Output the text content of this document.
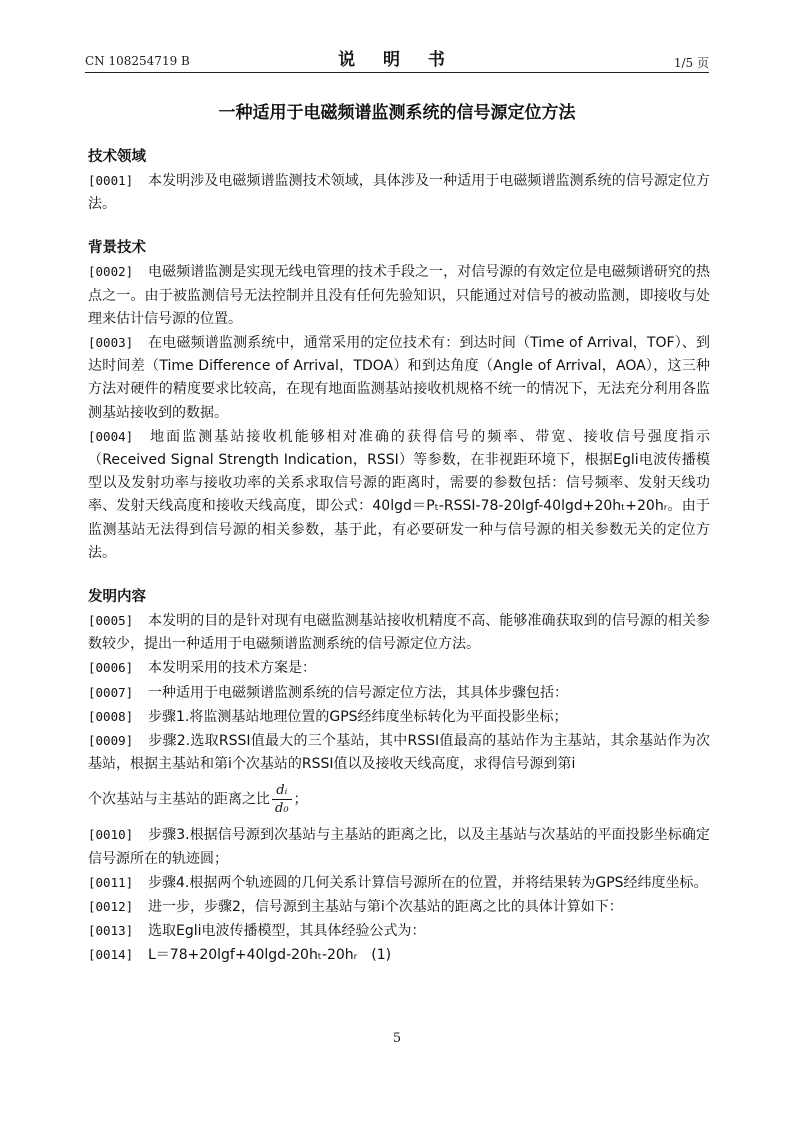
CN 108254719 B	说 明 书	1/5 页
一种适用于电磁频谱监测系统的信号源定位方法
技术领域
[0001] 本发明涉及电磁频谱监测技术领域，具体涉及一种适用于电磁频谱监测系统的信号源定位方法。
背景技术
[0002] 电磁频谱监测是实现无线电管理的技术手段之一，对信号源的有效定位是电磁频谱研究的热点之一。由于被监测信号无法控制并且没有任何先验知识，只能通过对信号的被动监测，即接收与处理来估计信号源的位置。
[0003] 在电磁频谱监测系统中，通常采用的定位技术有：到达时间（Time of Arrival，TOF）、到达时间差（Time Difference of Arrival，TDOA）和到达角度（Angle of Arrival，AOA），这三种方法对硬件的精度要求比较高，在现有地面监测基站接收机规格不统一的情况下，无法充分利用各监测基站接收到的数据。
[0004] 地面监测基站接收机能够相对准确的获得信号的频率、带宽、接收信号强度指示（Received Signal Strength Indication，RSSI）等参数，在非视距环境下，根据Egli电波传播模型以及发射功率与接收功率的关系求取信号源的距离时，需要的参数包括：信号频率、发射天线功率、发射天线高度和接收天线高度，即公式：40lgd＝Pₜ-RSSI-78-20lgf-40lgd+20hₜ+20hᵣ。由于监测基站无法得到信号源的相关参数，基于此，有必要研发一种与信号源的相关参数无关的定位方法。
发明内容
[0005] 本发明的目的是针对现有电磁监测基站接收机精度不高、能够准确获取到的信号源的相关参数较少，提出一种适用于电磁频谱监测系统的信号源定位方法。
[0006] 本发明采用的技术方案是：
[0007] 一种适用于电磁频谱监测系统的信号源定位方法，其具体步骤包括：
[0008] 步骤1.将监测基站地理位置的GPS经纬度坐标转化为平面投影坐标；
[0009] 步骤2.选取RSSI值最大的三个基站，其中RSSI值最高的基站作为主基站，其余基站作为次基站，根据主基站和第i个次基站的RSSI值以及接收天线高度，求得信号源到第i
个次基站与主基站的距离之比 $\frac{\text{dᵢ}}{\text{d₀}}$ ；
[0010] 步骤3.根据信号源到次基站与主基站的距离之比，以及主基站与次基站的平面投影坐标确定信号源所在的轨迹圆；
[0011] 步骤4.根据两个轨迹圆的几何关系计算信号源所在的位置，并将结果转为GPS经纬度坐标。
[0012] 进一步，步骤2，信号源到主基站与第i个次基站的距离之比的具体计算如下：
[0013] 选取Egli电波传播模型，其具体经验公式为：
[0014] L＝78+20lgf+40lgd-20hₜ-20hᵣ　(1)
5
